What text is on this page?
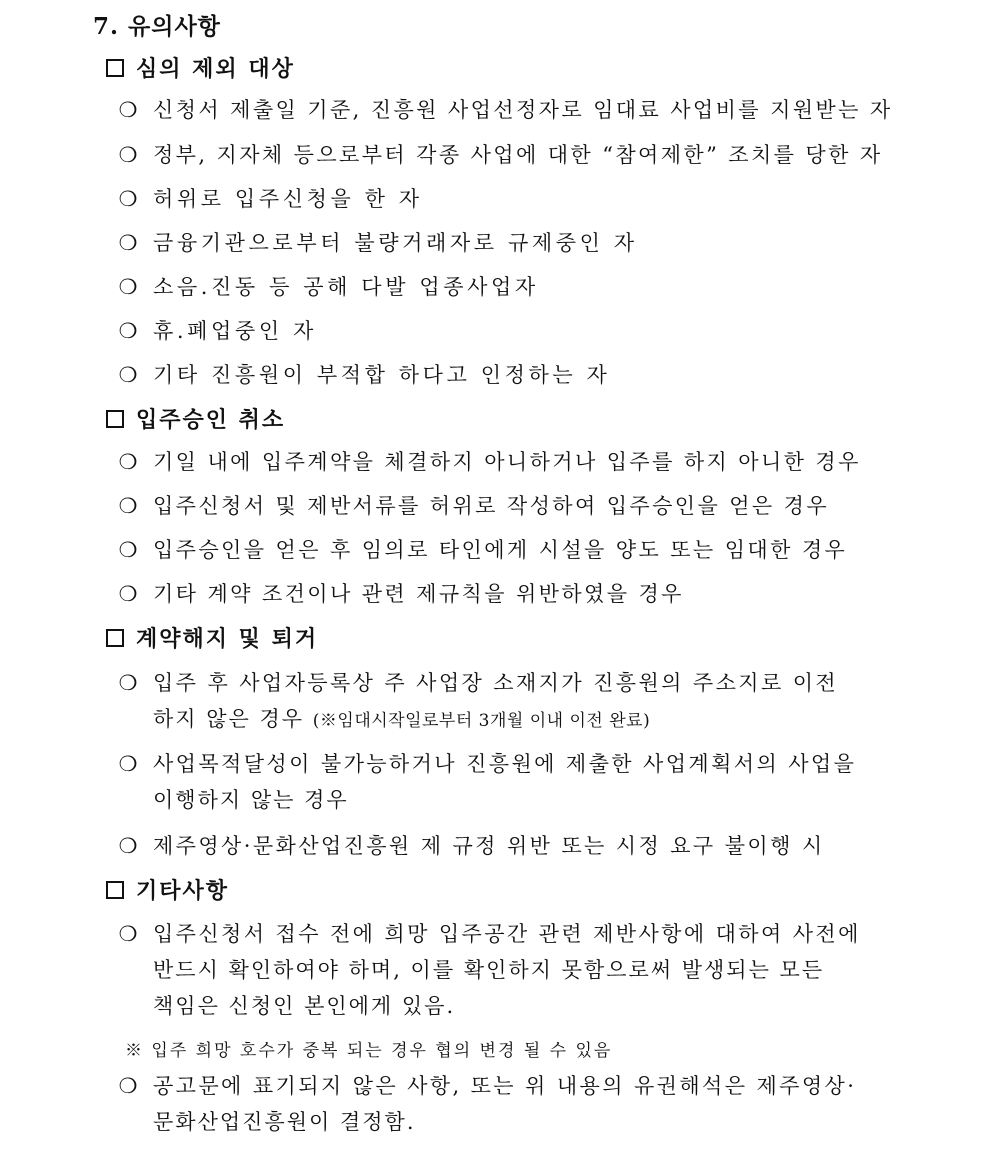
7. 유의사항
심의 제외 대상
❍ 신청서 제출일 기준, 진흥원 사업선정자로 임대료 사업비를 지원받는 자
❍ 정부, 지자체 등으로부터 각종 사업에 대한 “참여제한” 조치를 당한 자
❍ 허위로 입주신청을 한 자
❍ 금융기관으로부터 불량거래자로 규제중인 자
❍ 소음.진동 등 공해 다발 업종사업자
❍ 휴.폐업중인 자
❍ 기타 진흥원이 부적합 하다고 인정하는 자
입주승인 취소
❍ 기일 내에 입주계약을 체결하지 아니하거나 입주를 하지 아니한 경우
❍ 입주신청서 및 제반서류를 허위로 작성하여 입주승인을 얻은 경우
❍ 입주승인을 얻은 후 임의로 타인에게 시설을 양도 또는 임대한 경우
❍ 기타 계약 조건이나 관련 제규칙을 위반하였을 경우
계약해지 및 퇴거
❍ 입주 후 사업자등록상 주 사업장 소재지가 진흥원의 주소지로 이전
하지 않은 경우 (※임대시작일로부터 3개월 이내 이전 완료)
❍ 사업목적달성이 불가능하거나 진흥원에 제출한 사업계획서의 사업을
이행하지 않는 경우
❍ 제주영상·문화산업진흥원 제 규정 위반 또는 시정 요구 불이행 시
기타사항
❍ 입주신청서 접수 전에 희망 입주공간 관련 제반사항에 대하여 사전에
반드시 확인하여야 하며, 이를 확인하지 못함으로써 발생되는 모든
책임은 신청인 본인에게 있음.
※ 입주 희망 호수가 중복 되는 경우 협의 변경 될 수 있음
❍ 공고문에 표기되지 않은 사항, 또는 위 내용의 유권해석은 제주영상·
문화산업진흥원이 결정함.
